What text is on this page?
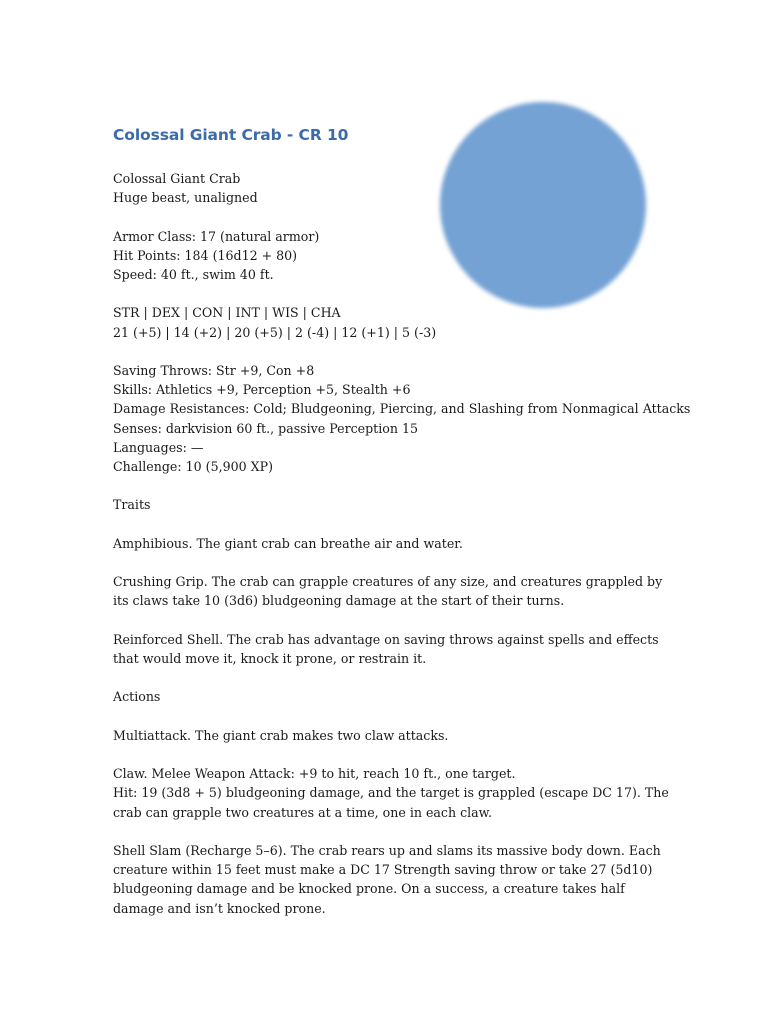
Colossal Giant Crab - CR 10
Colossal Giant Crab
Huge beast, unaligned
Armor Class: 17 (natural armor)
Hit Points: 184 (16d12 + 80)
Speed: 40 ft., swim 40 ft.
STR | DEX | CON | INT | WIS | CHA
21 (+5) | 14 (+2) | 20 (+5) | 2 (-4) | 12 (+1) | 5 (-3)
Saving Throws: Str +9, Con +8
Skills: Athletics +9, Perception +5, Stealth +6
Damage Resistances: Cold; Bludgeoning, Piercing, and Slashing from Nonmagical Attacks
Senses: darkvision 60 ft., passive Perception 15
Languages: —
Challenge: 10 (5,900 XP)
Traits
Amphibious. The giant crab can breathe air and water.
Crushing Grip. The crab can grapple creatures of any size, and creatures grappled by its claws take 10 (3d6) bludgeoning damage at the start of their turns.
Reinforced Shell. The crab has advantage on saving throws against spells and effects that would move it, knock it prone, or restrain it.
Actions
Multiattack. The giant crab makes two claw attacks.
Claw. Melee Weapon Attack: +9 to hit, reach 10 ft., one target.
Hit: 19 (3d8 + 5) bludgeoning damage, and the target is grappled (escape DC 17). The crab can grapple two creatures at a time, one in each claw.
Shell Slam (Recharge 5–6). The crab rears up and slams its massive body down. Each creature within 15 feet must make a DC 17 Strength saving throw or take 27 (5d10) bludgeoning damage and be knocked prone. On a success, a creature takes half damage and isn’t knocked prone.
